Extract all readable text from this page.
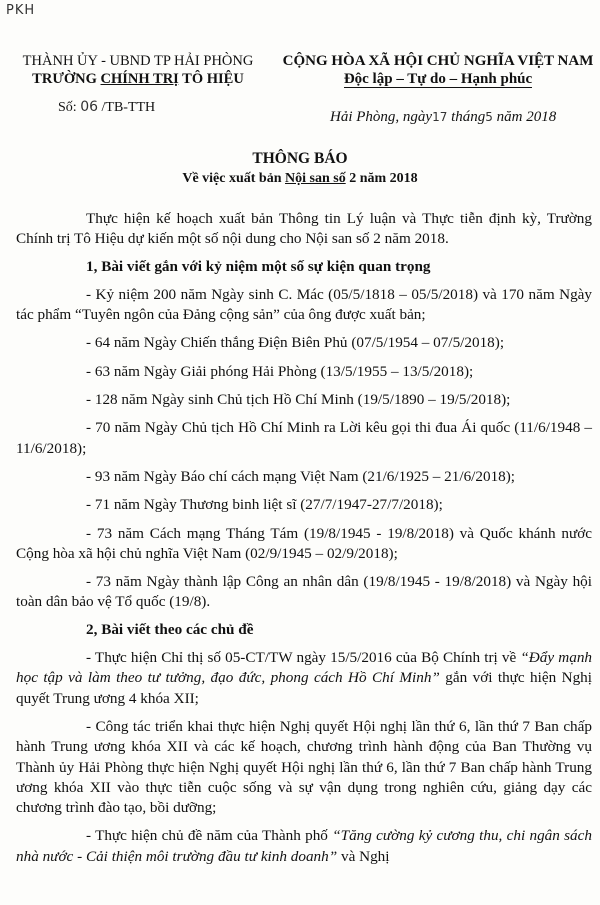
PKH
THÀNH ỦY - UBND TP HẢI PHÒNG
TRƯỜNG CHÍNH TRỊ TÔ HIỆU
CỘNG HÒA XÃ HỘI CHỦ NGHĨA VIỆT NAM
Độc lập – Tự do – Hạnh phúc
Số: 06 /TB-TTH
Hải Phòng, ngày17 tháng5 năm 2018
THÔNG BÁO
Về việc xuất bản Nội san số 2 năm 2018

Thực hiện kế hoạch xuất bản Thông tin Lý luận và Thực tiễn định kỳ, Trường Chính trị Tô Hiệu dự kiến một số nội dung cho Nội san số 2 năm 2018.

1, Bài viết gắn với kỷ niệm một số sự kiện quan trọng

- Kỷ niệm 200 năm Ngày sinh C. Mác (05/5/1818 – 05/5/2018) và 170 năm Ngày tác phẩm “Tuyên ngôn của Đảng cộng sản” của ông được xuất bản;

- 64 năm Ngày Chiến thắng Điện Biên Phủ (07/5/1954 – 07/5/2018);

- 63 năm Ngày Giải phóng Hải Phòng (13/5/1955 – 13/5/2018);

- 128 năm Ngày sinh Chủ tịch Hồ Chí Minh (19/5/1890 – 19/5/2018);

- 70 năm Ngày Chủ tịch Hồ Chí Minh ra Lời kêu gọi thi đua Ái quốc (11/6/1948 – 11/6/2018);

- 93 năm Ngày Báo chí cách mạng Việt Nam (21/6/1925 – 21/6/2018);

- 71 năm Ngày Thương binh liệt sĩ (27/7/1947-27/7/2018);

- 73 năm Cách mạng Tháng Tám (19/8/1945 - 19/8/2018) và Quốc khánh nước Cộng hòa xã hội chủ nghĩa Việt Nam (02/9/1945 – 02/9/2018);

- 73 năm Ngày thành lập Công an nhân dân (19/8/1945 - 19/8/2018) và Ngày hội toàn dân bảo vệ Tổ quốc (19/8).

2, Bài viết theo các chủ đề

- Thực hiện Chỉ thị số 05-CT/TW ngày 15/5/2016 của Bộ Chính trị về “Đẩy mạnh học tập và làm theo tư tưởng, đạo đức, phong cách Hồ Chí Minh” gắn với thực hiện Nghị quyết Trung ương 4 khóa XII;

- Công tác triển khai thực hiện Nghị quyết Hội nghị lần thứ 6, lần thứ 7 Ban chấp hành Trung ương khóa XII và các kế hoạch, chương trình hành động của Ban Thường vụ Thành ủy Hải Phòng thực hiện Nghị quyết Hội nghị lần thứ 6, lần thứ 7 Ban chấp hành Trung ương khóa XII vào thực tiễn cuộc sống và sự vận dụng trong nghiên cứu, giảng dạy các chương trình đào tạo, bồi dưỡng;

- Thực hiện chủ đề năm của Thành phố “Tăng cường kỷ cương thu, chi ngân sách nhà nước - Cải thiện môi trường đầu tư kinh doanh” và Nghị
